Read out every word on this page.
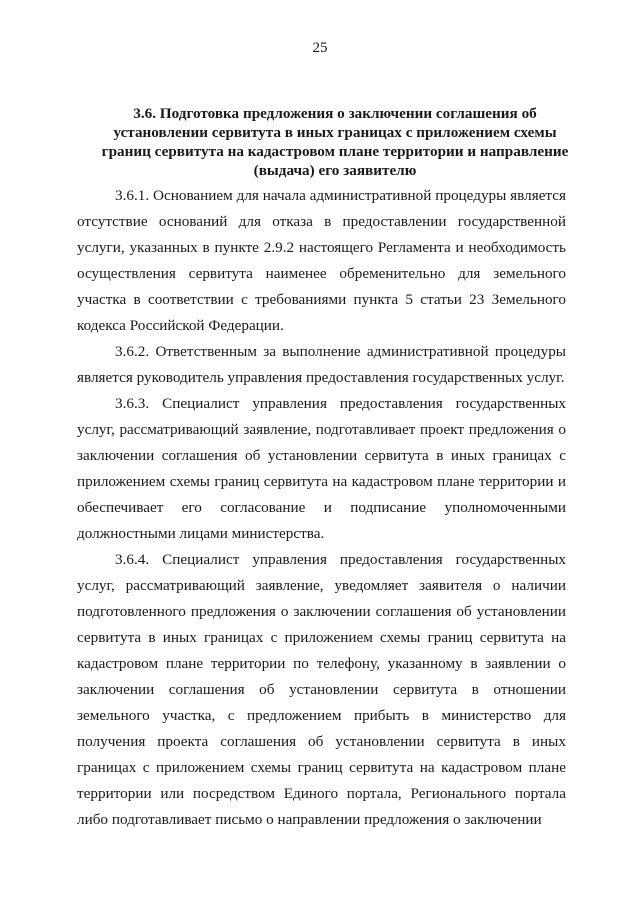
25
3.6. Подготовка предложения о заключении соглашения об установлении сервитута в иных границах с приложением схемы границ сервитута на кадастровом плане территории и направление (выдача) его заявителю

3.6.1. Основанием для начала административной процедуры является отсутствие оснований для отказа в предоставлении государственной услуги, указанных в пункте 2.9.2 настоящего Регламента и необходимость осуществления сервитута наименее обременительно для земельного участка в соответствии с требованиями пункта 5 статьи 23 Земельного кодекса Российской Федерации.

3.6.2. Ответственным за выполнение административной процедуры является руководитель управления предоставления государственных услуг.

3.6.3. Специалист управления предоставления государственных услуг, рассматривающий заявление, подготавливает проект предложения о заключении соглашения об установлении сервитута в иных границах с приложением схемы границ сервитута на кадастровом плане территории и обеспечивает его согласование и подписание уполномоченными должностными лицами министерства.

3.6.4. Специалист управления предоставления государственных услуг, рассматривающий заявление, уведомляет заявителя о наличии подготовленного предложения о заключении соглашения об установлении сервитута в иных границах с приложением схемы границ сервитута на кадастровом плане территории по телефону, указанному в заявлении о заключении соглашения об установлении сервитута в отношении земельного участка, с предложением прибыть в министерство для получения проекта соглашения об установлении сервитута в иных границах с приложением схемы границ сервитута на кадастровом плане территории или посредством Единого портала, Регионального портала либо подготавливает письмо о направлении предложения о заключении
